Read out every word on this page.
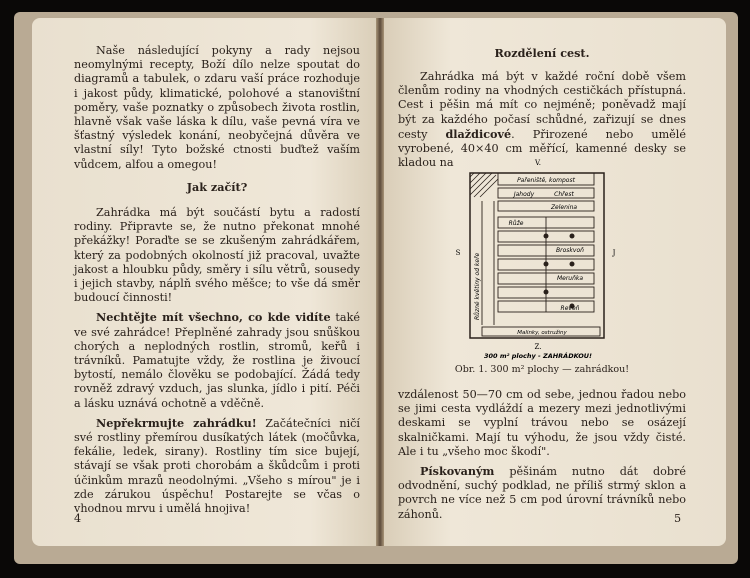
Naše následující pokyny a rady nejsou neomylnými recepty, Boží dílo nelze spoutat do diagramů a tabulek, o zdaru vaší práce rozhoduje i jakost půdy, klimatické, polohové a stanovištní poměry, vaše poznatky o způsobech života rostlin, hlavně však vaše láska k dílu, vaše pevná víra ve šťastný výsledek konání, neobyčejná důvěra ve vlastní síly! Tyto božské ctnosti buďtež vaším vůdcem, alfou a omegou!

Jak začít?

Zahrádka má být součástí bytu a radostí rodiny. Připravte se, že nutno překonat mnohé překážky! Poraďte se se zkušeným zahrádkářem, který za podobných okolností již pracoval, uvažte jakost a hloubku půdy, směry i sílu větrů, sousedy i jejich stavby, náplň svého měšce; to vše dá směr budoucí činnosti!

Nechtějte mít všechno, co kde vidíte také ve své zahrádce! Přeplněné zahrady jsou snůškou chorých a neplodných rostlin, stromů, keřů i trávníků. Pamatujte vždy, že rostlina je živoucí bytostí, nemálo člověku se podobající. Žádá tedy rovněž zdravý vzduch, jas slunka, jídlo i pití. Péči a lásku uznává ochotně a vděčně.

Nepřekrmujte zahrádku! Začátečníci ničí své rostliny přemírou dusíkatých látek (močůvka, fekálie, ledek, sirany). Rostliny tím sice bujejí, stávají se však proti chorobám a škůdcům i proti účinkům mrazů neodolnými. „Všeho s mírou" je i zde zárukou úspěchu! Postarejte se včas o vhodnou mrvu i umělá hnojiva!

4
Rozdělení cest.

Zahrádka má být v každé roční době všem členům rodiny na vhodných cestičkách přístupná. Cest i pěšin má mít co nejméně; poněvadž mají být za každého počasí schůdné, zařizují se dnes cesty dlaždicové. Přirozené nebo umělé vyrobené, 40×40 cm měřící, kamenné desky se kladou na

Pařeniště, kompost
Jahody	Chřest
Zelenina
Růže
Broskvoň
Meruňka
Reveň
Malinky, ostružiny
Různé květiny od keře
V.
S	J
Z.
300 m² plochy - ZAHRÁDKOU!
Obr. 1. 300 m² plochy — zahrádkou!

vzdálenost 50—70 cm od sebe, jednou řadou nebo se jimi cesta vydláždí a mezery mezi jednotlivými deskami se vyplní trávou nebo se osázejí skalničkami. Mají tu výhodu, že jsou vždy čisté. Ale i tu „všeho moc škodí".

Pískovaným pěšinám nutno dát dobré odvodnění, suchý podklad, ne příliš strmý sklon a povrch ne více než 5 cm pod úrovní trávníků nebo záhonů.	5
